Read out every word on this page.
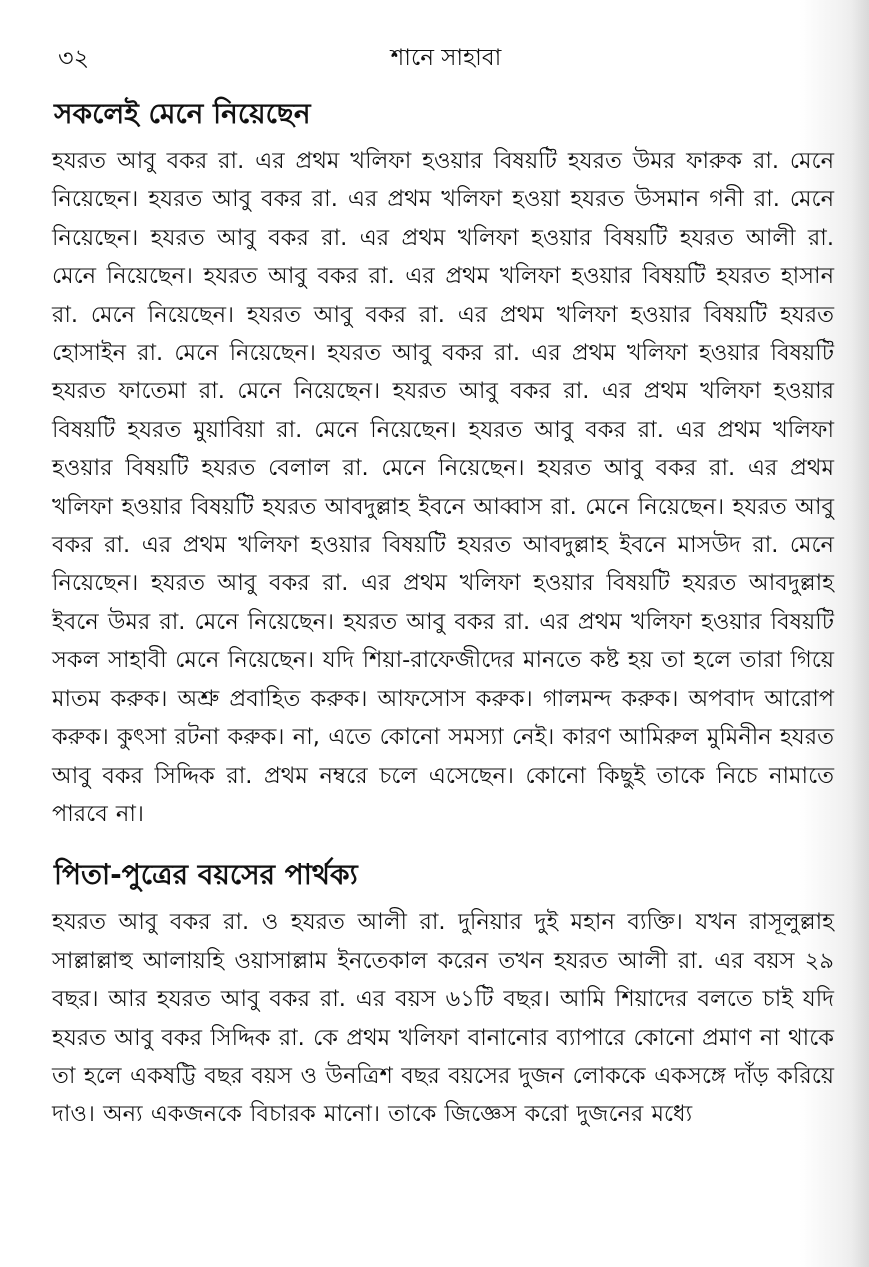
৩২	শানে সাহাবা
সকলেই মেনে নিয়েছেন

হযরত আবু বকর রা. এর প্রথম খলিফা হওয়ার বিষয়টি হযরত উমর ফারুক রা. মেনে নিয়েছেন। হযরত আবু বকর রা. এর প্রথম খলিফা হওয়া হযরত উসমান গনী রা. মেনে নিয়েছেন। হযরত আবু বকর রা. এর প্রথম খলিফা হওয়ার বিষয়টি হযরত আলী রা. মেনে নিয়েছেন। হযরত আবু বকর রা. এর প্রথম খলিফা হওয়ার বিষয়টি হযরত হাসান রা. মেনে নিয়েছেন। হযরত আবু বকর রা. এর প্রথম খলিফা হওয়ার বিষয়টি হযরত হোসাইন রা. মেনে নিয়েছেন। হযরত আবু বকর রা. এর প্রথম খলিফা হওয়ার বিষয়টি হযরত ফাতেমা রা. মেনে নিয়েছেন। হযরত আবু বকর রা. এর প্রথম খলিফা হওয়ার বিষয়টি হযরত মুয়াবিয়া রা. মেনে নিয়েছেন। হযরত আবু বকর রা. এর প্রথম খলিফা হওয়ার বিষয়টি হযরত বেলাল রা. মেনে নিয়েছেন। হযরত আবু বকর রা. এর প্রথম খলিফা হওয়ার বিষয়টি হযরত আবদুল্লাহ ইবনে আব্বাস রা. মেনে নিয়েছেন। হযরত আবু বকর রা. এর প্রথম খলিফা হওয়ার বিষয়টি হযরত আবদুল্লাহ ইবনে মাসউদ রা. মেনে নিয়েছেন। হযরত আবু বকর রা. এর প্রথম খলিফা হওয়ার বিষয়টি হযরত আবদুল্লাহ ইবনে উমর রা. মেনে নিয়েছেন। হযরত আবু বকর রা. এর প্রথম খলিফা হওয়ার বিষয়টি সকল সাহাবী মেনে নিয়েছেন। যদি শিয়া-রাফেজীদের মানতে কষ্ট হয় তা হলে তারা গিয়ে মাতম করুক। অশ্রু প্রবাহিত করুক। আফসোস করুক। গালমন্দ করুক। অপবাদ আরোপ করুক। কুৎসা রটনা করুক। না, এতে কোনো সমস্যা নেই। কারণ আমিরুল মুমিনীন হযরত আবু বকর সিদ্দিক রা. প্রথম নম্বরে চলে এসেছেন। কোনো কিছুই তাকে নিচে নামাতে পারবে না।

পিতা-পুত্রের বয়সের পার্থক্য

হযরত আবু বকর রা. ও হযরত আলী রা. দুনিয়ার দুই মহান ব্যক্তি। যখন রাসূলুল্লাহ সাল্লাল্লাহু আলায়হি ওয়াসাল্লাম ইনতেকাল করেন তখন হযরত আলী রা. এর বয়স ২৯ বছর। আর হযরত আবু বকর রা. এর বয়স ৬১টি বছর। আমি শিয়াদের বলতে চাই যদি হযরত আবু বকর সিদ্দিক রা. কে প্রথম খলিফা বানানোর ব্যাপারে কোনো প্রমাণ না থাকে তা হলে একষট্টি বছর বয়স ও উনত্রিশ বছর বয়সের দুজন লোককে একসঙ্গে দাঁড় করিয়ে দাও। অন্য একজনকে বিচারক মানো। তাকে জিজ্ঞেস করো দুজনের মধ্যে
